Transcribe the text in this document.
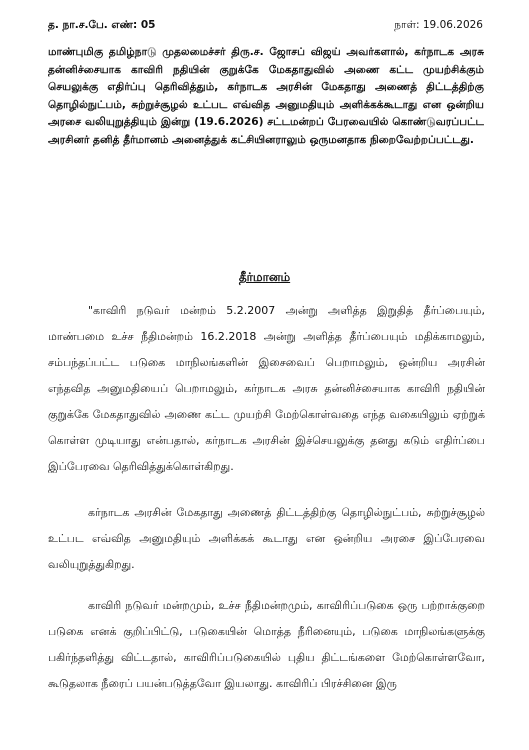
த. நா.ச.பே. எண்: 05	நாள்: 19.06.2026
மாண்புமிகு தமிழ்நாடு முதலமைச்சர் திரு.ச. ஜோசப் விஜய் அவர்களால், கர்நாடக அரசு தன்னிச்சையாக காவிரி நதியின் குறுக்கே மேகதாதுவில் அணை கட்ட முயற்சிக்கும் செயலுக்கு எதிர்ப்பு தெரிவித்தும், கர்நாடக அரசின் மேகதாது அணைத் திட்டத்திற்கு தொழில்நுட்பம், சுற்றுச்சூழல் உட்பட எவ்வித அனுமதியும் அளிக்கக்கூடாது என ஒன்றிய அரசை வலியுறுத்தியும் இன்று (19.6.2026) சட்டமன்றப் பேரவையில் கொண்டுவரப்பட்ட அரசினர் தனித் தீர்மானம் அனைத்துக் கட்சியினராலும் ஒருமனதாக நிறைவேற்றப்பட்டது.
தீர்மானம்
"காவிரி நடுவர் மன்றம் 5.2.2007 அன்று அளித்த இறுதித் தீர்ப்பையும், மாண்பமை உச்ச நீதிமன்றம் 16.2.2018 அன்று அளித்த தீர்ப்பையும் மதிக்காமலும், சம்பந்தப்பட்ட படுகை மாநிலங்களின் இசைவைப் பெறாமலும், ஒன்றிய அரசின் எந்தவித அனுமதியைப் பெறாமலும், கர்நாடக அரசு தன்னிச்சையாக காவிரி நதியின் குறுக்கே மேகதாதுவில் அணை கட்ட முயற்சி மேற்கொள்வதை எந்த வகையிலும் ஏற்றுக் கொள்ள முடியாது என்பதால், கர்நாடக அரசின் இச்செயலுக்கு தனது கடும் எதிர்ப்பை இப்பேரவை தெரிவித்துக்கொள்கிறது.
கர்நாடக அரசின் மேகதாது அணைத் திட்டத்திற்கு தொழில்நுட்பம், சுற்றுச்சூழல் உட்பட எவ்வித அனுமதியும் அளிக்கக் கூடாது என ஒன்றிய அரசை இப்பேரவை வலியுறுத்துகிறது.
காவிரி நடுவர் மன்றமும், உச்ச நீதிமன்றமும், காவிரிப்படுகை ஒரு பற்றாக்குறை படுகை எனக் குறிப்பிட்டு, படுகையின் மொத்த நீரினையும், படுகை மாநிலங்களுக்கு பகிர்ந்தளித்து விட்டதால், காவிரிப்படுகையில் புதிய திட்டங்களை மேற்கொள்ளவோ, கூடுதலாக நீரைப் பயன்படுத்தவோ இயலாது. காவிரிப் பிரச்சினை இரு
